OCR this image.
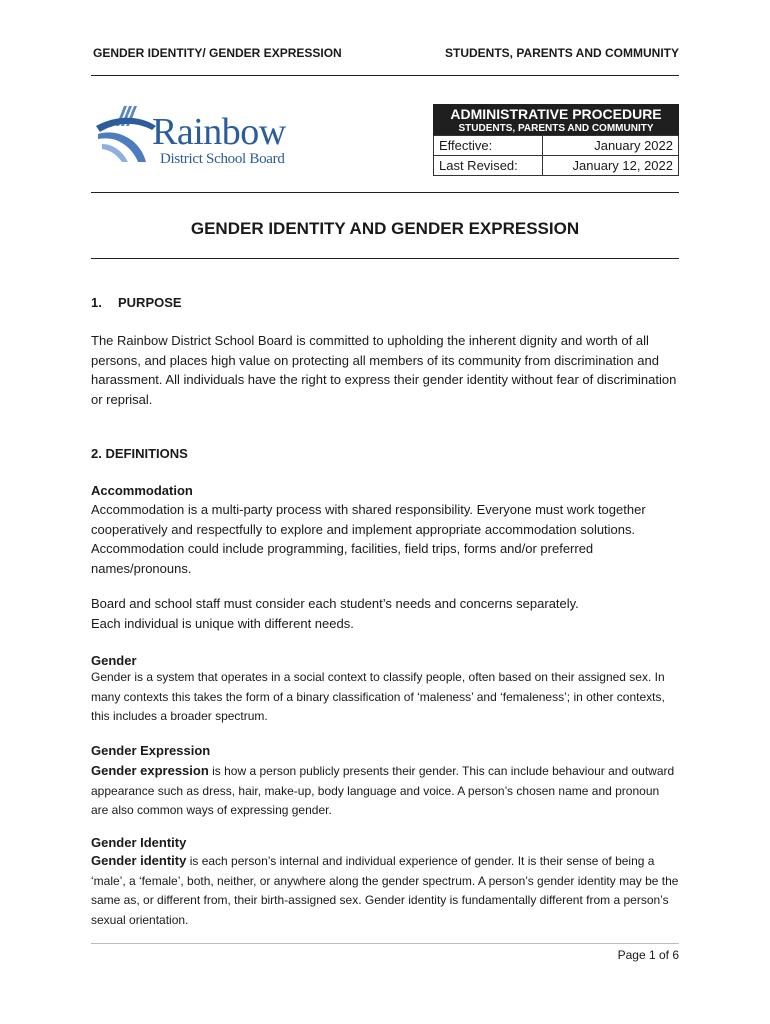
GENDER IDENTITY/ GENDER EXPRESSION	STUDENTS, PARENTS AND COMMUNITY
Rainbow
District School Board
ADMINISTRATIVE PROCEDURE
STUDENTS, PARENTS AND COMMUNITY
Effective:	January 2022
Last Revised:	January 12, 2022
GENDER IDENTITY AND GENDER EXPRESSION
1. PURPOSE
The Rainbow District School Board is committed to upholding the inherent dignity and worth of all persons, and places high value on protecting all members of its community from discrimination and harassment. All individuals have the right to express their gender identity without fear of discrimination or reprisal.
2. DEFINITIONS
Accommodation
Accommodation is a multi-party process with shared responsibility. Everyone must work together cooperatively and respectfully to explore and implement appropriate accommodation solutions. Accommodation could include programming, facilities, field trips, forms and/or preferred names/pronouns.
Board and school staff must consider each student’s needs and concerns separately.
Each individual is unique with different needs.
Gender
Gender is a system that operates in a social context to classify people, often based on their assigned sex. In many contexts this takes the form of a binary classification of ‘maleness’ and ‘femaleness’; in other contexts, this includes a broader spectrum.
Gender Expression
Gender expression is how a person publicly presents their gender. This can include behaviour and outward appearance such as dress, hair, make-up, body language and voice. A person’s chosen name and pronoun are also common ways of expressing gender.
Gender Identity
Gender identity is each person’s internal and individual experience of gender. It is their sense of being a ‘male’, a ‘female’, both, neither, or anywhere along the gender spectrum. A person’s gender identity may be the same as, or different from, their birth-assigned sex. Gender identity is fundamentally different from a person’s sexual orientation.
Page 1 of 6
